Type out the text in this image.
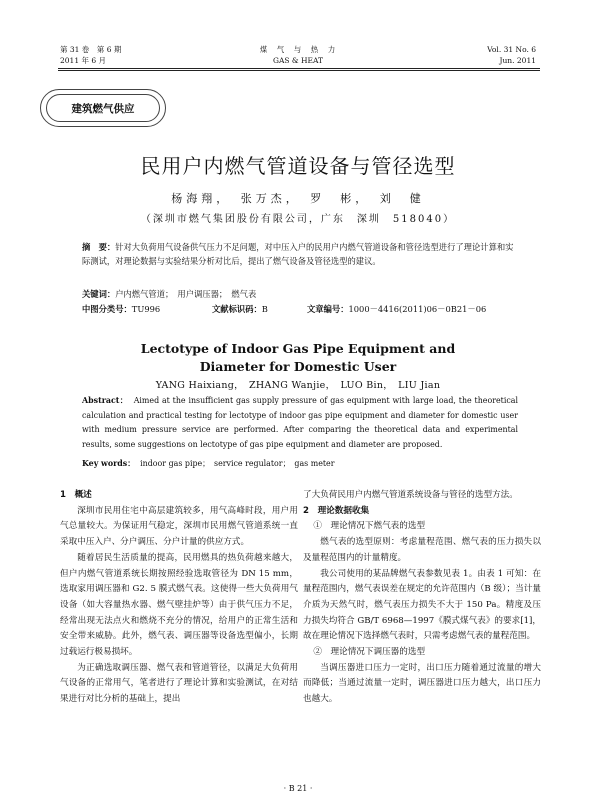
第 31 卷　第 6 期
2011 年 6 月
煤　气　与　热　力
GAS & HEAT
Vol. 31 No. 6
Jun. 2011
建筑燃气供应
民用户内燃气管道设备与管径选型
杨海翔，　张万杰，　罗　彬，　刘　健
（深圳市燃气集团股份有限公司，广东　深圳　518040）
摘　要：针对大负荷用气设备供气压力不足问题，对中压入户的民用户内燃气管道设备和管径选型进行了理论计算和实际测试，对理论数据与实验结果分析对比后，提出了燃气设备及管径选型的建议。
关键词：户内燃气管道；　用户调压器；　燃气表
中图分类号：TU996	文献标识码：B	文章编号：1000－4416(2011)06－0B21－06
Lectotype of Indoor Gas Pipe Equipment and
Diameter for Domestic User
YANG Haixiang，　ZHANG Wanjie，　LUO Bin，　LIU Jian
Abstract： Aimed at the insufficient gas supply pressure of gas equipment with large load, the theoretical calculation and practical testing for lectotype of indoor gas pipe equipment and diameter for domestic user with medium pressure service are performed. After comparing the theoretical data and experimental results, some suggestions on lectotype of gas pipe equipment and diameter are proposed.
Key words： indoor gas pipe；　service regulator；　gas meter

1　概述

深圳市民用住宅中高层建筑较多，用气高峰时段，用户用气总量较大。为保证用气稳定，深圳市民用燃气管道系统一直采取中压入户、分户调压、分户计量的供应方式。

随着居民生活质量的提高，民用燃具的热负荷越来越大，但户内燃气管道系统长期按照经验选取管径为 DN 15 mm，选取家用调压器和 G2. 5 膜式燃气表。这使得一些大负荷用气设备（如大容量热水器、燃气壁挂炉等）由于供气压力不足，经常出现无法点火和燃烧不充分的情况，给用户的正常生活和安全带来威胁。此外，燃气表、调压器等设备选型偏小，长期过载运行极易损坏。

为正确选取调压器、燃气表和管道管径，以满足大负荷用气设备的正常用气，笔者进行了理论计算和实验测试，在对结果进行对比分析的基础上，提出

了大负荷民用户内燃气管道系统设备与管径的选型方法。

2　理论数据收集

①　理论情况下燃气表的选型

燃气表的选型原则：考虑量程范围、燃气表的压力损失以及量程范围内的计量精度。

我公司使用的某品牌燃气表参数见表 1。由表 1 可知：在量程范围内，燃气表误差在规定的允许范围内（B 级）；当计量介质为天然气时，燃气表压力损失不大于 150 Pa。精度及压力损失均符合 GB/T 6968—1997《膜式煤气表》的要求[1]，故在理论情况下选择燃气表时，只需考虑燃气表的量程范围。

②　理论情况下调压器的选型

当调压器进口压力一定时，出口压力随着通过流量的增大而降低；当通过流量一定时，调压器进口压力越大，出口压力也越大。

· B 21 ·
